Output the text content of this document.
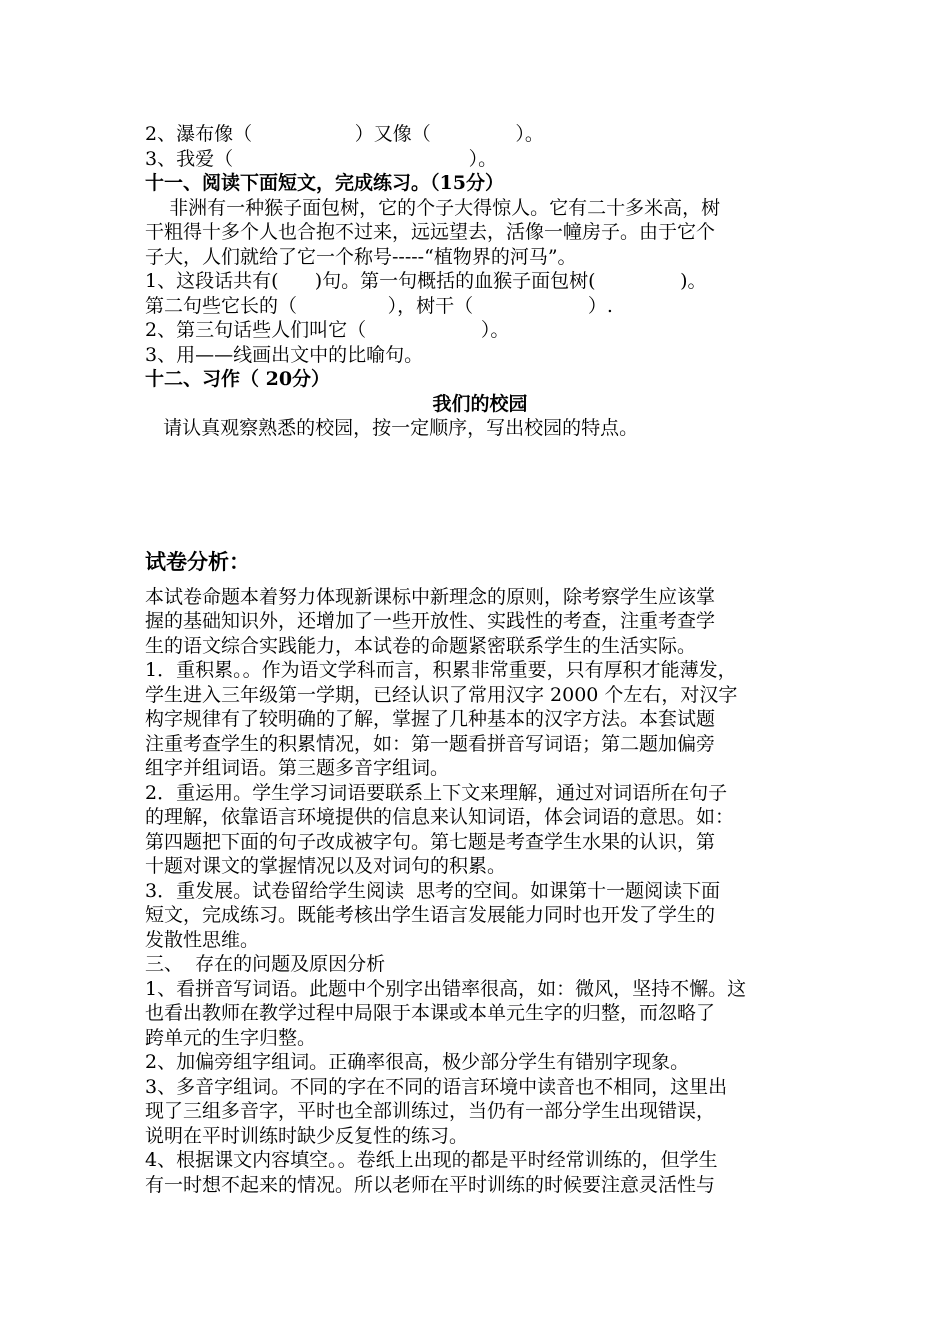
2、瀑布像（                 ）又像（              ）。
3、我爱（                                       ）。
十一、阅读下面短文，完成练习。（15分）
非洲有一种猴子面包树，它的个子大得惊人。它有二十多米高，树
干粗得十多个人也合抱不过来，远远望去，活像一幢房子。由于它个
子大，人们就给了它一个称号-----“植物界的河马”。
1、这段话共有(      )句。第一句概括的血猴子面包树(              )。
第二句些它长的（               ），树干（                   ）.
2、第三句话些人们叫它（                   ）。
3、用——线画出文中的比喻句。
十二、习作（ 20分）
我们的校园
请认真观察熟悉的校园，按一定顺序，写出校园的特点。
试卷分析：
本试卷命题本着努力体现新课标中新理念的原则，除考察学生应该掌
握的基础知识外，还增加了一些开放性、实践性的考查，注重考查学
生的语文综合实践能力，本试卷的命题紧密联系学生的生活实际。
1．重积累。。作为语文学科而言，积累非常重要，只有厚积才能薄发，
学生进入三年级第一学期，已经认识了常用汉字 2000 个左右，对汉字
构字规律有了较明确的了解，掌握了几种基本的汉字方法。本套试题
注重考查学生的积累情况，如：第一题看拼音写词语；第二题加偏旁
组字并组词语。第三题多音字组词。
2．重运用。学生学习词语要联系上下文来理解，通过对词语所在句子
的理解，依靠语言环境提供的信息来认知词语，体会词语的意思。如：
第四题把下面的句子改成被字句。第七题是考查学生水果的认识，第
十题对课文的掌握情况以及对词句的积累。
3．重发展。试卷留给学生阅读  思考的空间。如课第十一题阅读下面
短文，完成练习。既能考核出学生语言发展能力同时也开发了学生的
发散性思维。
三、  存在的问题及原因分析
1、看拼音写词语。此题中个别字出错率很高，如：微风，坚持不懈。这
也看出教师在教学过程中局限于本课或本单元生字的归整，而忽略了
跨单元的生字归整。
2、加偏旁组字组词。正确率很高，极少部分学生有错别字现象。
3、多音字组词。不同的字在不同的语言环境中读音也不相同，这里出
现了三组多音字，平时也全部训练过，当仍有一部分学生出现错误，
说明在平时训练时缺少反复性的练习。
4、根据课文内容填空。。卷纸上出现的都是平时经常训练的，但学生
有一时想不起来的情况。所以老师在平时训练的时候要注意灵活性与
